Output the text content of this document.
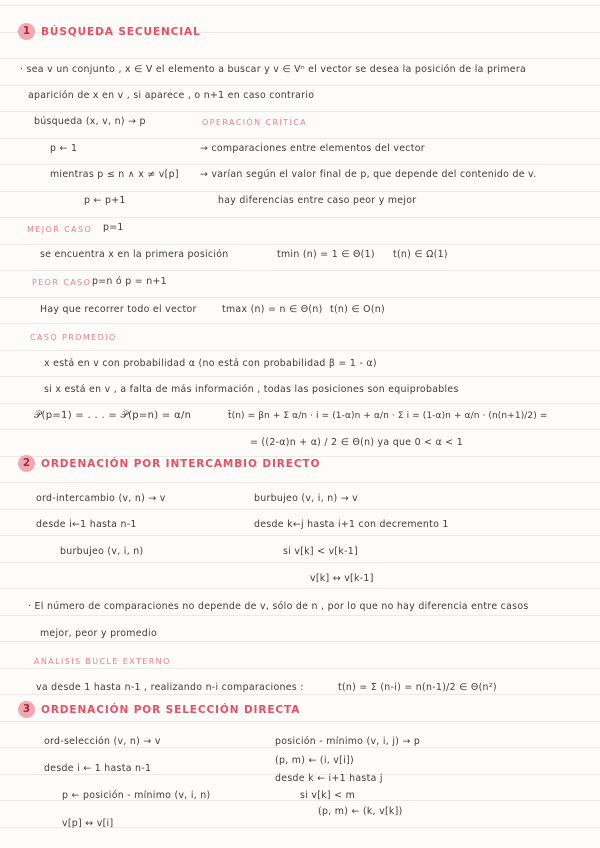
1	BÚSQUEDA SECUENCIAL
· sea v un conjunto , x ∈ V el elemento a buscar y v ∈ Vⁿ el vector se desea la posición de la primera
aparición de x en v , si aparece , o n+1 en caso contrario
búsqueda (x, v, n) → p	OPERACIÓN CRÍTICA
p ← 1	→ comparaciones entre elementos del vector
mientras p ≤ n ∧ x ≠ v[p] → varían según el valor final de p, que depende del contenido de v.
p ← p+1	hay diferencias entre caso peor y mejor
MEJOR CASO p=1
se encuentra x en la primera posición	tmin (n) = 1 ∈ Θ(1) t(n) ∈ Ω(1)
PEOR CASO p=n ó p = n+1
Hay que recorrer todo el vector	tmax (n) = n ∈ Θ(n) t(n) ∈ O(n)
CASO PROMEDIO
x está en v con probabilidad α (no está con probabilidad β = 1 - α)
si x está en v , a falta de más información , todas las posiciones son equiprobables
𝒫(p=1) = . . . = 𝒫(p=n) = α/n	t̄(n) = βn + Σ α/n · i = (1-α)n + α/n · Σ i = (1-α)n + α/n · (n(n+1)/2) =
= ((2-α)n + α) / 2 ∈ Θ(n) ya que 0 < α < 1
2	ORDENACIÓN POR INTERCAMBIO DIRECTO
ord-intercambio (v, n) → v	burbujeo (v, i, n) → v
desde i←1 hasta n-1	desde k←j hasta i+1 con decremento 1
burbujeo (v, i, n)	si v[k] < v[k-1]
v[k] ↔ v[k-1]
· El número de comparaciones no depende de v, sólo de n , por lo que no hay diferencia entre casos
mejor, peor y promedio
ANÁLISIS BUCLE EXTERNO
va desde 1 hasta n-1 , realizando n-i comparaciones :	t(n) = Σ (n-i) = n(n-1)/2 ∈ Θ(n²)
3	ORDENACIÓN POR SELECCIÓN DIRECTA
ord-selección (v, n) → v	posición - mínimo (v, i, j) → p
desde i ← 1 hasta n-1
(p, m) ← (i, v[i])
desde k ← i+1 hasta j
p ← posición - mínimo (v, i, n)	si v[k] < m
(p, m) ← (k, v[k])
v[p] ↔ v[i]
